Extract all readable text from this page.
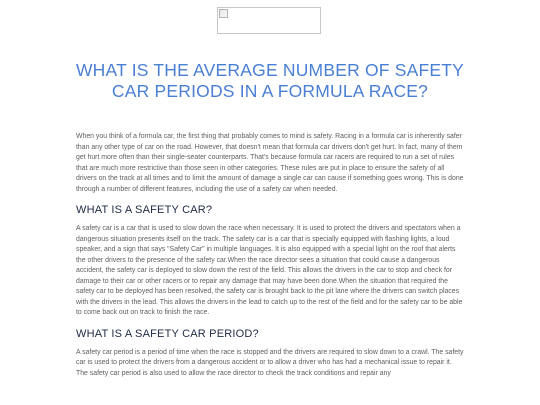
WHAT IS THE AVERAGE NUMBER OF SAFETY CAR PERIODS IN A FORMULA RACE?

When you think of a formula car, the first thing that probably comes to mind is safety. Racing in a formula car is inherently safer than any other type of car on the road. However, that doesn't mean that formula car drivers don't get hurt. In fact, many of them get hurt more often than their single-seater counterparts. That's because formula car racers are required to run a set of rules that are much more restrictive than those seen in other categories. These rules are put in place to ensure the safety of all drivers on the track at all times and to limit the amount of damage a single car can cause if something goes wrong. This is done through a number of different features, including the use of a safety car when needed.

WHAT IS A SAFETY CAR?

A safety car is a car that is used to slow down the race when necessary. It is used to protect the drivers and spectators when a dangerous situation presents itself on the track. The safety car is a car that is specially equipped with flashing lights, a loud speaker, and a sign that says "Safety Car" in multiple languages. It is also equipped with a special light on the roof that alerts the other drivers to the presence of the safety car.When the race director sees a situation that could cause a dangerous accident, the safety car is deployed to slow down the rest of the field. This allows the drivers in the car to stop and check for damage to their car or other racers or to repair any damage that may have been done.When the situation that required the safety car to be deployed has been resolved, the safety car is brought back to the pit lane where the drivers can switch places with the drivers in the lead. This allows the drivers in the lead to catch up to the rest of the field and for the safety car to be able to come back out on track to finish the race.

WHAT IS A SAFETY CAR PERIOD?

A safety car period is a period of time when the race is stopped and the drivers are required to slow down to a crawl. The safety car is used to protect the drivers from a dangerous accident or to allow a driver who has had a mechanical issue to repair it. The safety car period is also used to allow the race director to check the track conditions and repair any
